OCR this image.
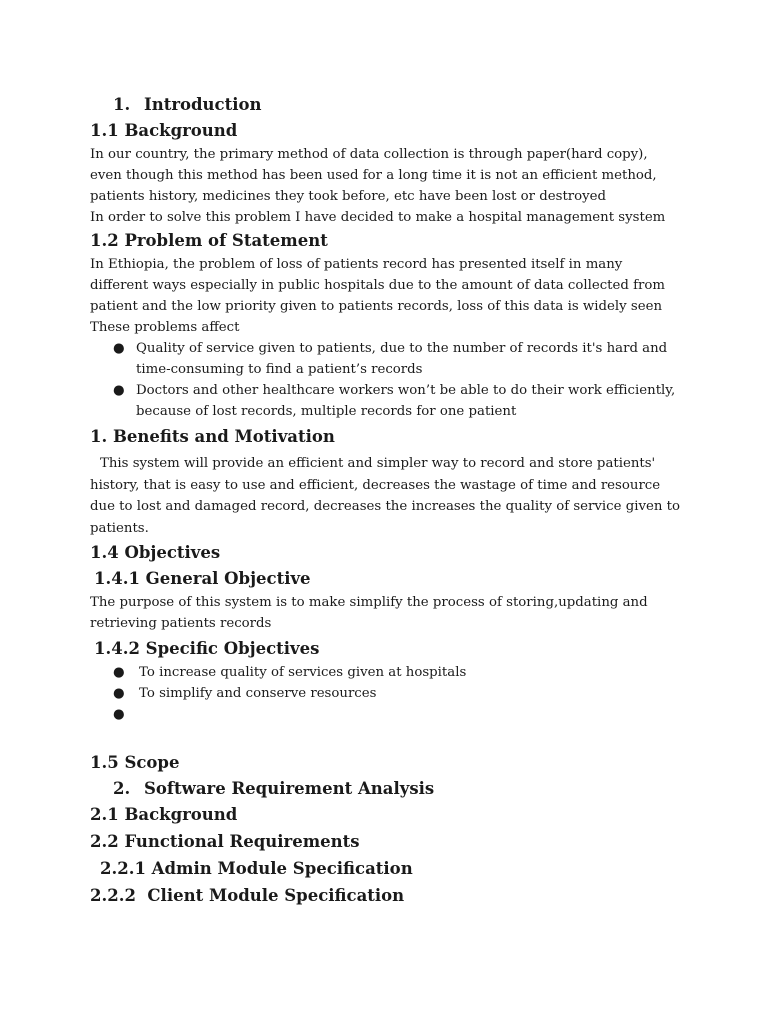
1. Introduction
1.1 Background

In our country, the primary method of data collection is through paper(hard copy), even though this method has been used for a long time it is not an efficient method, patients history, medicines they took before, etc have been lost or destroyed

In order to solve this problem I have decided to make a hospital management system

1.2 Problem of Statement

In Ethiopia, the problem of loss of patients record has presented itself in many different ways especially in public hospitals due to the amount of data collected from patient and the low priority given to patients records, loss of this data is widely seen

These problems affect

● Quality of service given to patients, due to the number of records it's hard and time-consuming to find a patient’s records
● Doctors and other healthcare workers won’t be able to do their work efficiently, because of lost records, multiple records for one patient
1. Benefits and Motivation

This system will provide an efficient and simpler way to record and store patients' history, that is easy to use and efficient, decreases the wastage of time and resource due to lost and damaged record, decreases the increases the quality of service given to patients.

1.4 Objectives
1.4.1 General Objective

The purpose of this system is to make simplify the process of storing,updating and retrieving patients records

1.4.2 Specific Objectives
● To increase quality of services given at hospitals
● To simplify and conserve resources
●
1.5 Scope
2. Software Requirement Analysis
2.1 Background
2.2 Functional Requirements
2.2.1 Admin Module Specification
2.2.2  Client Module Specification
